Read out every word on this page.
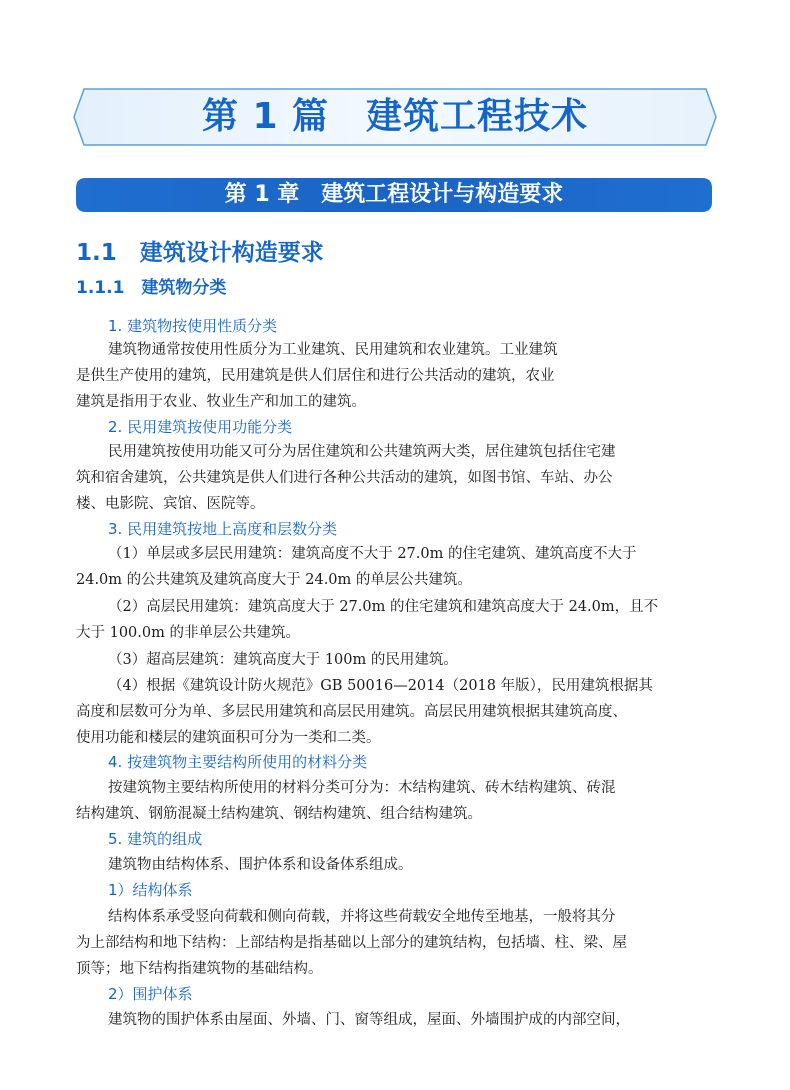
第 1 篇　建筑工程技术
第 1 章　建筑工程设计与构造要求
1.1　建筑设计构造要求
1.1.1　建筑物分类
1. 建筑物按使用性质分类
建筑物通常按使用性质分为工业建筑、民用建筑和农业建筑。工业建筑
是供生产使用的建筑，民用建筑是供人们居住和进行公共活动的建筑，农业
建筑是指用于农业、牧业生产和加工的建筑。
2. 民用建筑按使用功能分类
民用建筑按使用功能又可分为居住建筑和公共建筑两大类，居住建筑包括住宅建
筑和宿舍建筑，公共建筑是供人们进行各种公共活动的建筑，如图书馆、车站、办公
楼、电影院、宾馆、医院等。
3. 民用建筑按地上高度和层数分类
（1）单层或多层民用建筑：建筑高度不大于 27.0m 的住宅建筑、建筑高度不大于
24.0m 的公共建筑及建筑高度大于 24.0m 的单层公共建筑。
（2）高层民用建筑：建筑高度大于 27.0m 的住宅建筑和建筑高度大于 24.0m，且不
大于 100.0m 的非单层公共建筑。
（3）超高层建筑：建筑高度大于 100m 的民用建筑。
（4）根据《建筑设计防火规范》GB 50016—2014（2018 年版），民用建筑根据其
高度和层数可分为单、多层民用建筑和高层民用建筑。高层民用建筑根据其建筑高度、
使用功能和楼层的建筑面积可分为一类和二类。
4. 按建筑物主要结构所使用的材料分类
按建筑物主要结构所使用的材料分类可分为：木结构建筑、砖木结构建筑、砖混
结构建筑、钢筋混凝土结构建筑、钢结构建筑、组合结构建筑。
5. 建筑的组成
建筑物由结构体系、围护体系和设备体系组成。
1）结构体系
结构体系承受竖向荷载和侧向荷载，并将这些荷载安全地传至地基，一般将其分
为上部结构和地下结构：上部结构是指基础以上部分的建筑结构，包括墙、柱、梁、屋
顶等；地下结构指建筑物的基础结构。
2）围护体系
建筑物的围护体系由屋面、外墙、门、窗等组成，屋面、外墙围护成的内部空间，
